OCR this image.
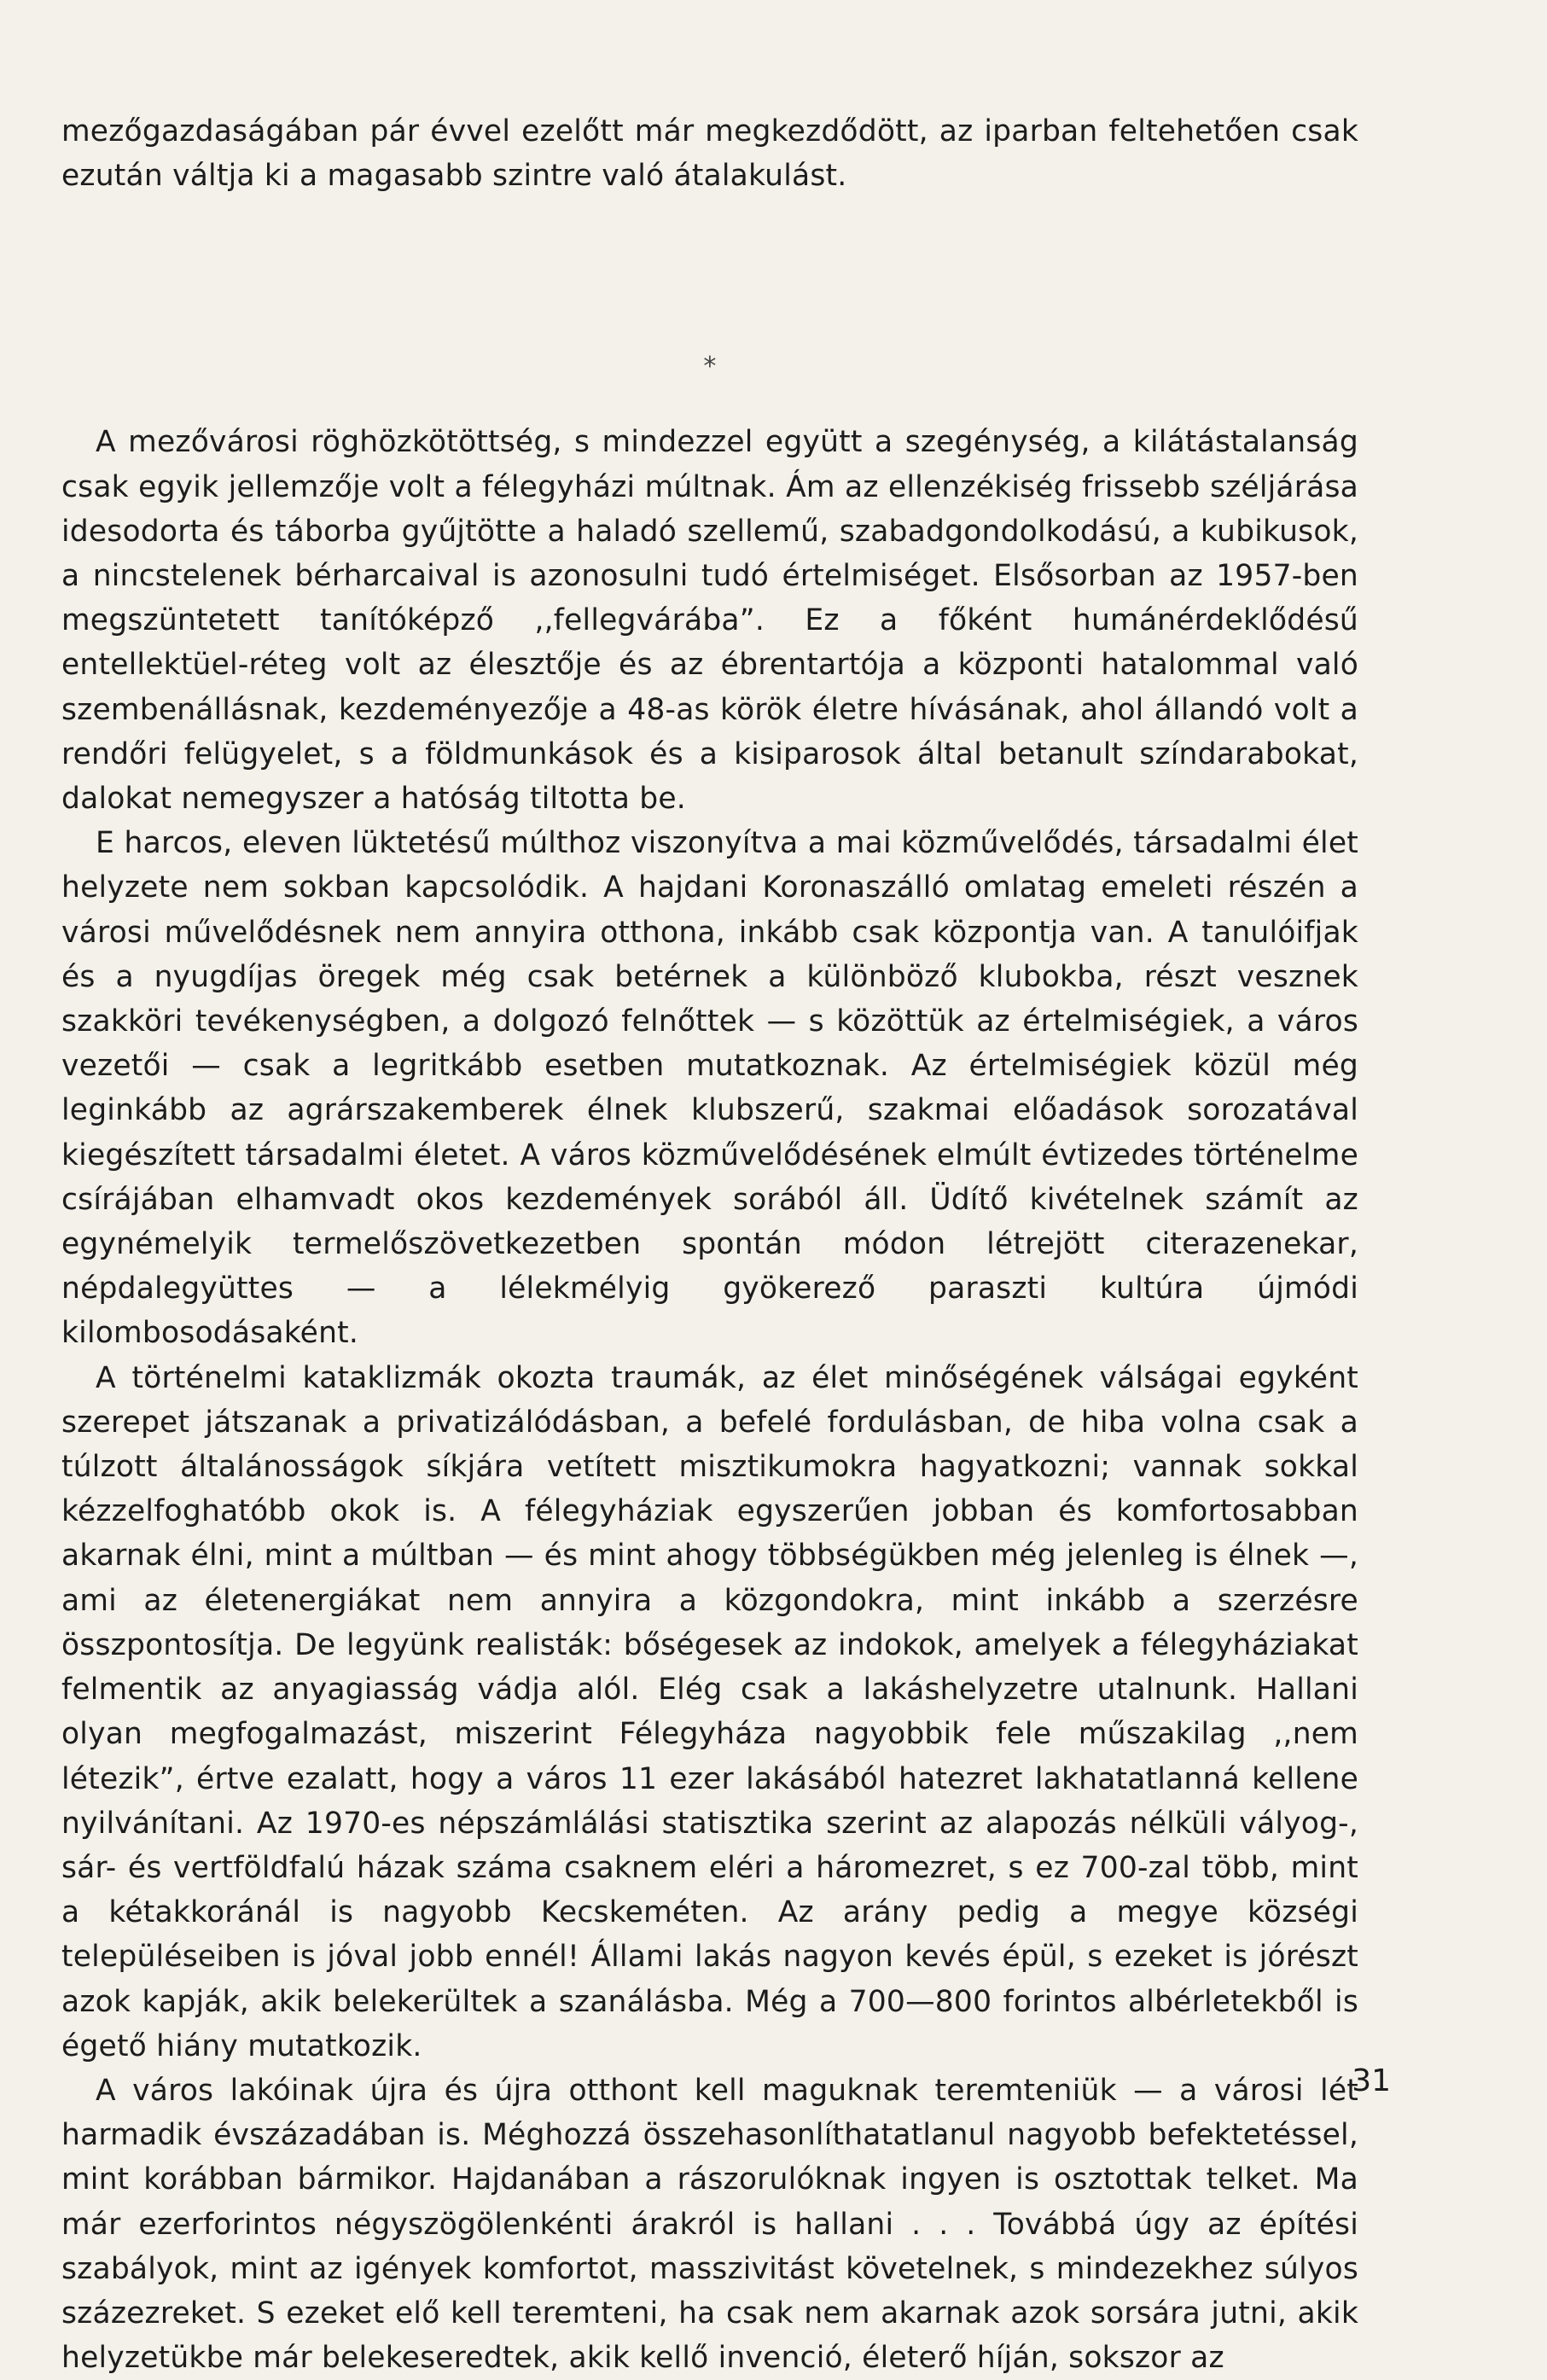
mezőgazdaságában pár évvel ezelőtt már megkezdődött, az iparban feltehetően csak ezután váltja ki a magasabb szintre való átalakulást.

*

A mezővárosi röghözkötöttség, s mindezzel együtt a szegénység, a kilátástalanság csak egyik jellemzője volt a félegyházi múltnak. Ám az ellenzékiség frissebb széljárása idesodorta és táborba gyűjtötte a haladó szellemű, szabadgondolkodású, a kubikusok, a nincstelenek bérharcaival is azonosulni tudó értelmiséget. Elsősorban az 1957-ben megszüntetett tanítóképző ,,fellegvárába”. Ez a főként humánérdeklődésű entellektüel-réteg volt az élesztője és az ébrentartója a központi hatalommal való szembenállásnak, kezdeményezője a 48-as körök életre hívásának, ahol állandó volt a rendőri felügyelet, s a földmunkások és a kisiparosok által betanult színdarabokat, dalokat nemegyszer a hatóság tiltotta be.

E harcos, eleven lüktetésű múlthoz viszonyítva a mai közművelődés, társadalmi élet helyzete nem sokban kapcsolódik. A hajdani Koronaszálló omlatag emeleti részén a városi művelődésnek nem annyira otthona, inkább csak központja van. A tanulóifjak és a nyugdíjas öregek még csak betérnek a különböző klubokba, részt vesznek szakköri tevékenységben, a dolgozó felnőttek — s közöttük az értelmiségiek, a város vezetői — csak a legritkább esetben mutatkoznak. Az értelmiségiek közül még leginkább az agrárszakemberek élnek klubszerű, szakmai előadások sorozatával kiegészített társadalmi életet. A város közművelődésének elmúlt évtizedes történelme csírájában elhamvadt okos kezdemények sorából áll. Üdítő kivételnek számít az egynémelyik termelőszövetkezetben spontán módon létrejött citerazenekar, népdalegyüttes — a lélekmélyig gyökerező paraszti kultúra újmódi kilombosodásaként.

A történelmi kataklizmák okozta traumák, az élet minőségének válságai egyként szerepet játszanak a privatizálódásban, a befelé fordulásban, de hiba volna csak a túlzott általánosságok síkjára vetített misztikumokra hagyatkozni; vannak sokkal kézzelfoghatóbb okok is. A félegyháziak egyszerűen jobban és komfortosabban akarnak élni, mint a múltban — és mint ahogy többségükben még jelenleg is élnek —, ami az életenergiákat nem annyira a közgondokra, mint inkább a szerzésre összpontosítja. De legyünk realisták: bőségesek az indokok, amelyek a félegyháziakat felmentik az anyagiasság vádja alól. Elég csak a lakáshelyzetre utalnunk. Hallani olyan megfogalmazást, miszerint Félegyháza nagyobbik fele műszakilag ,,nem létezik”, értve ezalatt, hogy a város 11 ezer lakásából hatezret lakhatatlanná kellene nyilvánítani. Az 1970-es népszámlálási statisztika szerint az alapozás nélküli vályog-, sár- és vertföldfalú házak száma csaknem eléri a háromezret, s ez 700-zal több, mint a kétakkoránál is nagyobb Kecskeméten. Az arány pedig a megye községi településeiben is jóval jobb ennél! Állami lakás nagyon kevés épül, s ezeket is jórészt azok kapják, akik belekerültek a szanálásba. Még a 700—800 forintos albérletekből is égető hiány mutatkozik.

A város lakóinak újra és újra otthont kell maguknak teremteniük — a városi lét harmadik évszázadában is. Méghozzá összehasonlíthatatlanul nagyobb befektetéssel, mint korábban bármikor. Hajdanában a rászorulóknak ingyen is osztottak telket. Ma már ezerforintos négyszögölenkénti árakról is hallani . . . Továbbá úgy az építési szabályok, mint az igények komfortot, masszivitást követelnek, s mindezekhez súlyos százezreket. S ezeket elő kell teremteni, ha csak nem akarnak azok sorsára jutni, akik helyzetükbe már belekeseredtek, akik kellő invenció, életerő híján, sokszor az

31
